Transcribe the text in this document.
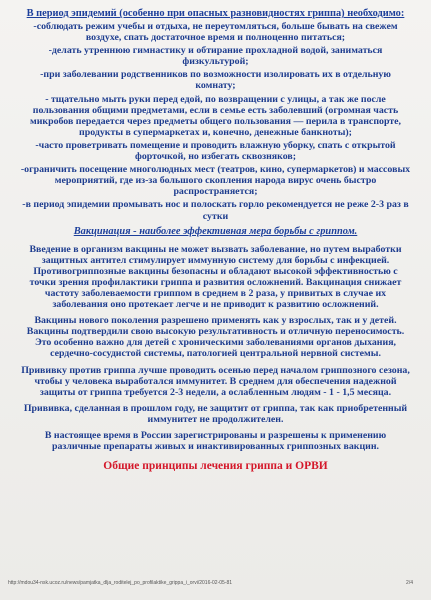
В период эпидемий (особенно при опасных разновидностях гриппа) необходимо:

-соблюдать режим учебы и отдыха, не переутомляться, больше бывать на свежем воздухе, спать достаточное время и полноценно питаться;

-делать утреннюю гимнастику и обтирание прохладной водой, заниматься физкультурой;

-при заболевании родственников по возможности изолировать их в отдельную комнату;

- тщательно мыть руки перед едой, по возвращении с улицы, а так же после пользования общими предметами, если в семье есть заболевший (огромная часть микробов передается через предметы общего пользования — перила в транспорте, продукты в супермаркетах и, конечно, денежные банкноты);

-часто проветривать помещение и проводить влажную уборку, спать с открытой форточкой, но избегать сквозняков;

-ограничить посещение многолюдных мест (театров, кино, супермаркетов) и массовых мероприятий, где из-за большого скопления народа вирус очень быстро распространяется;

-в период эпидемии промывать нос и полоскать горло рекомендуется не реже 2-3 раз в сутки

Вакцинация - наиболее эффективная мера борьбы с гриппом.

Введение в организм вакцины не может вызвать заболевание, но путем выработки защитных антител стимулирует иммунную систему для борьбы с инфекцией. Противогриппозные вакцины безопасны и обладают высокой эффективностью с точки зрения профилактики гриппа и развития осложнений. Вакцинация снижает частоту заболеваемости гриппом в среднем в 2 раза, у привитых в случае их заболевания оно протекает легче и не приводит к развитию осложнений.

Вакцины нового поколения разрешено применять как у взрослых, так и у детей. Вакцины подтвердили свою высокую результативность и отличную переносимость. Это особенно важно для детей с хроническими заболеваниями органов дыхания, сердечно-сосудистой системы, патологией центральной нервной системы.

Прививку против гриппа лучше проводить осенью перед началом гриппозного сезона, чтобы у человека выработался иммунитет. В среднем для обеспечения надежной защиты от гриппа требуется 2-3 недели, а ослабленным людям - 1 - 1,5 месяца.

Прививка, сделанная в прошлом году, не защитит от гриппа, так как приобретенный иммунитет не продолжителен.

В настоящее время в России зарегистрированы и разрешены к применению различные препараты живых и инактивированных гриппозных вакцин.

Общие принципы лечения гриппа и ОРВИ

http://mdou34-nsk.ucoz.ru/news/pamjatka_dlja_roditelej_po_profilaktike_grippa_i_orvi/2016-02-05-81	2/4
